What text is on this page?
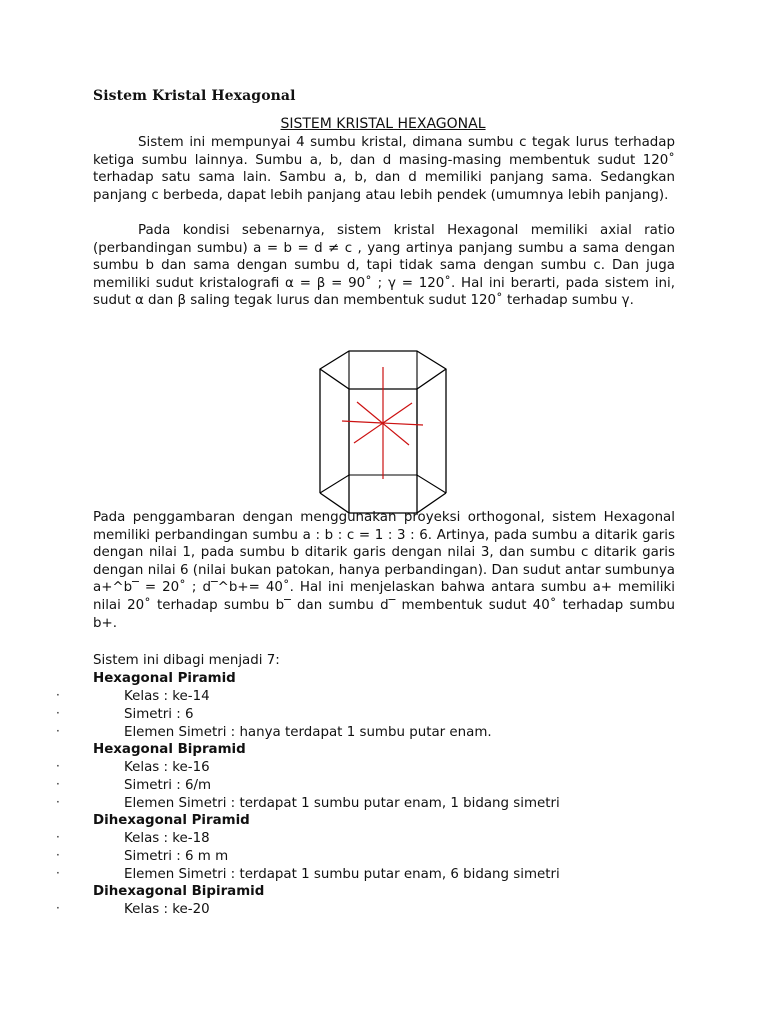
Sistem Kristal Hexagonal
SISTEM KRISTAL HEXAGONAL

Sistem ini mempunyai 4 sumbu kristal, dimana sumbu c tegak lurus terhadap ketiga sumbu lainnya. Sumbu a, b, dan d masing-masing membentuk sudut 120˚ terhadap satu sama lain. Sambu a, b, dan d memiliki panjang sama. Sedangkan panjang c berbeda, dapat lebih panjang atau lebih pendek (umumnya lebih panjang).

Pada kondisi sebenarnya, sistem kristal Hexagonal memiliki axial ratio (perbandingan sumbu) a = b = d ≠ c , yang artinya panjang sumbu a sama dengan sumbu b dan sama dengan sumbu d, tapi tidak sama dengan sumbu c. Dan juga memiliki sudut kristalografi α = β = 90˚ ; γ = 120˚. Hal ini berarti, pada sistem ini, sudut α dan β saling tegak lurus dan membentuk sudut 120˚ terhadap sumbu γ.

Pada penggambaran dengan menggunakan proyeksi orthogonal, sistem Hexagonal memiliki perbandingan sumbu a : b : c = 1 : 3 : 6. Artinya, pada sumbu a ditarik garis dengan nilai 1, pada sumbu b ditarik garis dengan nilai 3, dan sumbu c ditarik garis dengan nilai 6 (nilai bukan patokan, hanya perbandingan). Dan sudut antar sumbunya a+^b‾ = 20˚ ; d‾^b+= 40˚. Hal ini menjelaskan bahwa antara sumbu a+ memiliki nilai 20˚ terhadap sumbu b‾ dan sumbu d‾ membentuk sudut 40˚ terhadap sumbu b+.

Sistem ini dibagi menjadi 7:
Hexagonal Piramid
·	Kelas : ke-14
·	Simetri : 6
·	Elemen Simetri : hanya terdapat 1 sumbu putar enam.
Hexagonal Bipramid
·	Kelas : ke-16
·	Simetri : 6/m
·	Elemen Simetri : terdapat 1 sumbu putar enam, 1 bidang simetri
Dihexagonal Piramid
·	Kelas : ke-18
·	Simetri : 6 m m
·	Elemen Simetri : terdapat 1 sumbu putar enam, 6 bidang simetri
Dihexagonal Bipiramid
·	Kelas : ke-20
